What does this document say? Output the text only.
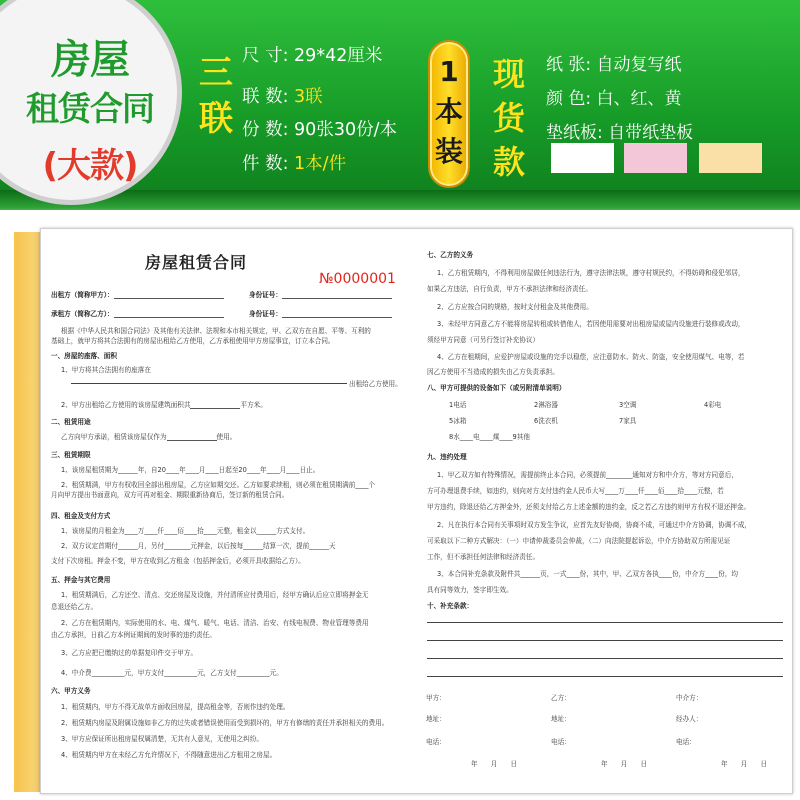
房屋
租赁合同
(大款)
三
联
尺 寸: 29*42厘米
联 数: 3联
份 数: 90张30份/本
件 数: 1本/件
1
本
装
现
货
款
纸 张: 自动复写纸
颜 色: 白、红、黄
垫纸板: 自带纸垫板
房屋租赁合同
№0000001
出租方（简称甲方）：	身份证号：
承租方（简称乙方）：	身份证号：
根据《中华人民共和国合同法》及其他有关法律、法规和本市相关规定，甲、乙双方在自愿、平等、互利的
基础上，就甲方将其合法拥有的房屋出租给乙方使用，乙方承租使用甲方房屋事宜，订立本合同。
一、房屋的座落、面积
1、甲方将其合法拥有的座落在
出租给乙方使用。
2、甲方出租给乙方使用的该房屋建筑面积共	平方米。
二、租赁用途
乙方向甲方承诺，租赁该房屋仅作为	使用。
三、租赁期限
1、该房屋租赁期为______年，自20____年____月____日起至20____年____月____日止。
2、租赁期满，甲方有权收回全部出租房屋，乙方应如期交还。乙方如要求续租，则必须在租赁期满前____个
月向甲方提出书面意向，双方可再对租金、期限重新协商后，签订新的租赁合同。
四、租金及支付方式
1、该房屋的月租金为____万____仟____佰____拾____元整，租金以______方式支付。
2、双方议定首期付______月，另付________元押金，以后按每______结算一次，提前______天
支付下次房租。押金不变，甲方在收到乙方租金（包括押金后，必须开具收据给乙方）。
五、押金与其它费用
1、租赁期满后，乙方还空、清点、交还房屋及设施，并付清所应付费用后，经甲方确认后应立即将押金无
息退还给乙方。
2、乙方在租赁期内，实际使用的水、电、煤气、暖气、电话、清洁、治安、有线电视费、物业管理等费用
由乙方承担，日前乙方本例证期间的发时事的违约责任。
3、乙方应把已缴纳过的单据复印件交于甲方。
4、中介费__________元，甲方支付__________元，乙方支付__________元。
六、甲方义务
1、租赁期内，甲方不得无故单方面收回房屋，提高租金等，否则作违约处理。
2、租赁期内房屋及附属设施如非乙方的过失或者错误使用而受到损坏的，甲方有修缮的责任并承担相关的费用。
3、甲方应保证所出租房屋权属清楚，无共有人意见，无使用之纠纷。
4、租赁期内甲方在未经乙方允许情况下，不得随意进出乙方租用之房屋。
七、乙方的义务
1、乙方租赁期内，不得利用房屋做任何违法行为，遵守法律法规，遵守村规民约，不得妨碍和侵犯邻居，
如果乙方违法，自行负责，甲方不承担法律和经济责任。
2、乙方应按合同的规格，按时支付租金及其他费用。
3、未经甲方同意乙方不能将房屋转租或转借他人，若因使用需要对出租房屋或屋内设施进行装修或改动，
须经甲方同意（可另行签订补充协议）
4、乙方在租期间，应爱护房屋或设施的完手以稳偿，应注意防水、防火、防盗，安全使用煤气、电等，若
因乙方使用不当造成的损失由乙方负责承担。
八、甲方可提供的设备如下（或另附清单说明）
1电话	2淋浴器	3空调	4彩电
5冰箱	6洗衣机	7家具
8水____电____煤____9其他
九、违约处理
1、甲乙双方如有特殊情况，需提前终止本合同，必须提前________通知对方和中介方，等对方同意后，
方可办理退费手续，如违约，则向对方支付违约金人民币大写____万____仟____佰____拾____元整，若
甲方违约，除退还给乙方押金外，还须支付给乙方上述金额的违约金，反之若乙方违约则甲方有权不退还押金。
2、凡在执行本合同有关事项时双方发生争议，应首先友好协商，协商不成，可通过中介方协调，协调不成，
可采取以下二种方式解决：（一）申请仲裁委员会仲裁，（二）向法院提起诉讼，中介方协助双方所需见证
工作，但不承担任何法律和经济责任。
3、本合同补充条款及附件共______页，一式____份，其中，甲、乙双方各执____份，中介方____份，均
具有同等效力，签字即生效。
十、补充条款：
甲方：	乙方：	中介方：
地址：	地址：	经办人：
电话：	电话：	电话：
年　　月　　日	年　　月　　日	年　　月　　日
